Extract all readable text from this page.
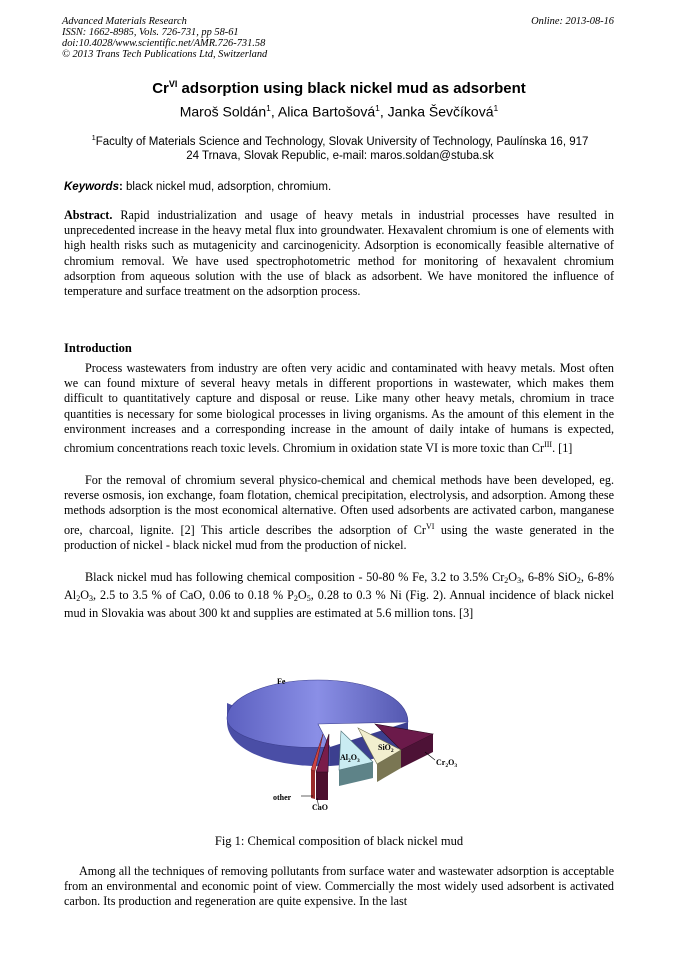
Advanced Materials Research
ISSN: 1662-8985, Vols. 726-731, pp 58-61
doi:10.4028/www.scientific.net/AMR.726-731.58
© 2013 Trans Tech Publications Ltd, Switzerland
Online: 2013-08-16
$Cr^{VI}$ adsorption using black nickel mud as adsorbent
Maroš Soldán$^1$, Alica Bartošová$^1$, Janka Ševčíková$^1$
$^1$Faculty of Materials Science and Technology, Slovak University of Technology, Paulínska 16, 917
24 Trnava, Slovak Republic, e-mail: maros.soldan@stuba.sk
Keywords: black nickel mud, adsorption, chromium.
Abstract. Rapid industrialization and usage of heavy metals in industrial processes have resulted in unprecedented increase in the heavy metal flux into groundwater. Hexavalent chromium is one of elements with high health risks such as mutagenicity and carcinogenicity. Adsorption is economically feasible alternative of chromium removal. We have used spectrophotometric method for monitoring of hexavalent chromium adsorption from aqueous solution with the use of black as adsorbent. We have monitored the influence of temperature and surface treatment on the adsorption process.
Introduction
Process wastewaters from industry are often very acidic and contaminated with heavy metals. Most often we can found mixture of several heavy metals in different proportions in wastewater, which makes them difficult to quantitatively capture and disposal or reuse. Like many other heavy metals, chromium in trace quantities is necessary for some biological processes in living organisms. As the amount of this element in the environment increases and a corresponding increase in the amount of daily intake of humans is expected, chromium concentrations reach toxic levels. Chromium in oxidation state VI is more toxic than $Cr^{III}$. [1]
For the removal of chromium several physico-chemical and chemical methods have been developed, eg. reverse osmosis, ion exchange, foam flotation, chemical precipitation, electrolysis, and adsorption. Among these methods adsorption is the most economical alternative. Often used adsorbents are activated carbon, manganese ore, charcoal, lignite. [2] This article describes the adsorption of $Cr^{VI}$ using the waste generated in the production of nickel - black nickel mud from the production of nickel.
Black nickel mud has following chemical composition - 50-80 % Fe, 3.2 to 3.5% $Cr_2O_3$, 6-8% SiO$_2$, 6-8% $Al_2O_3$, 2.5 to 3.5 % of CaO, 0.06 to 0.18 % $P_2O_5$, 0.28 to 0.3 % Ni (Fig. 2). Annual incidence of black nickel mud in Slovakia was about 300 kt and supplies are estimated at 5.6 million tons. [3]
Fe
$Cr_2O_3$
SiO$_2$
$Al_2O_3$
CaO
other
Fig 1: Chemical composition of black nickel mud
Among all the techniques of removing pollutants from surface water and wastewater adsorption is acceptable from an environmental and economic point of view. Commercially the most widely used adsorbent is activated carbon. Its production and regeneration are quite expensive. In the last
